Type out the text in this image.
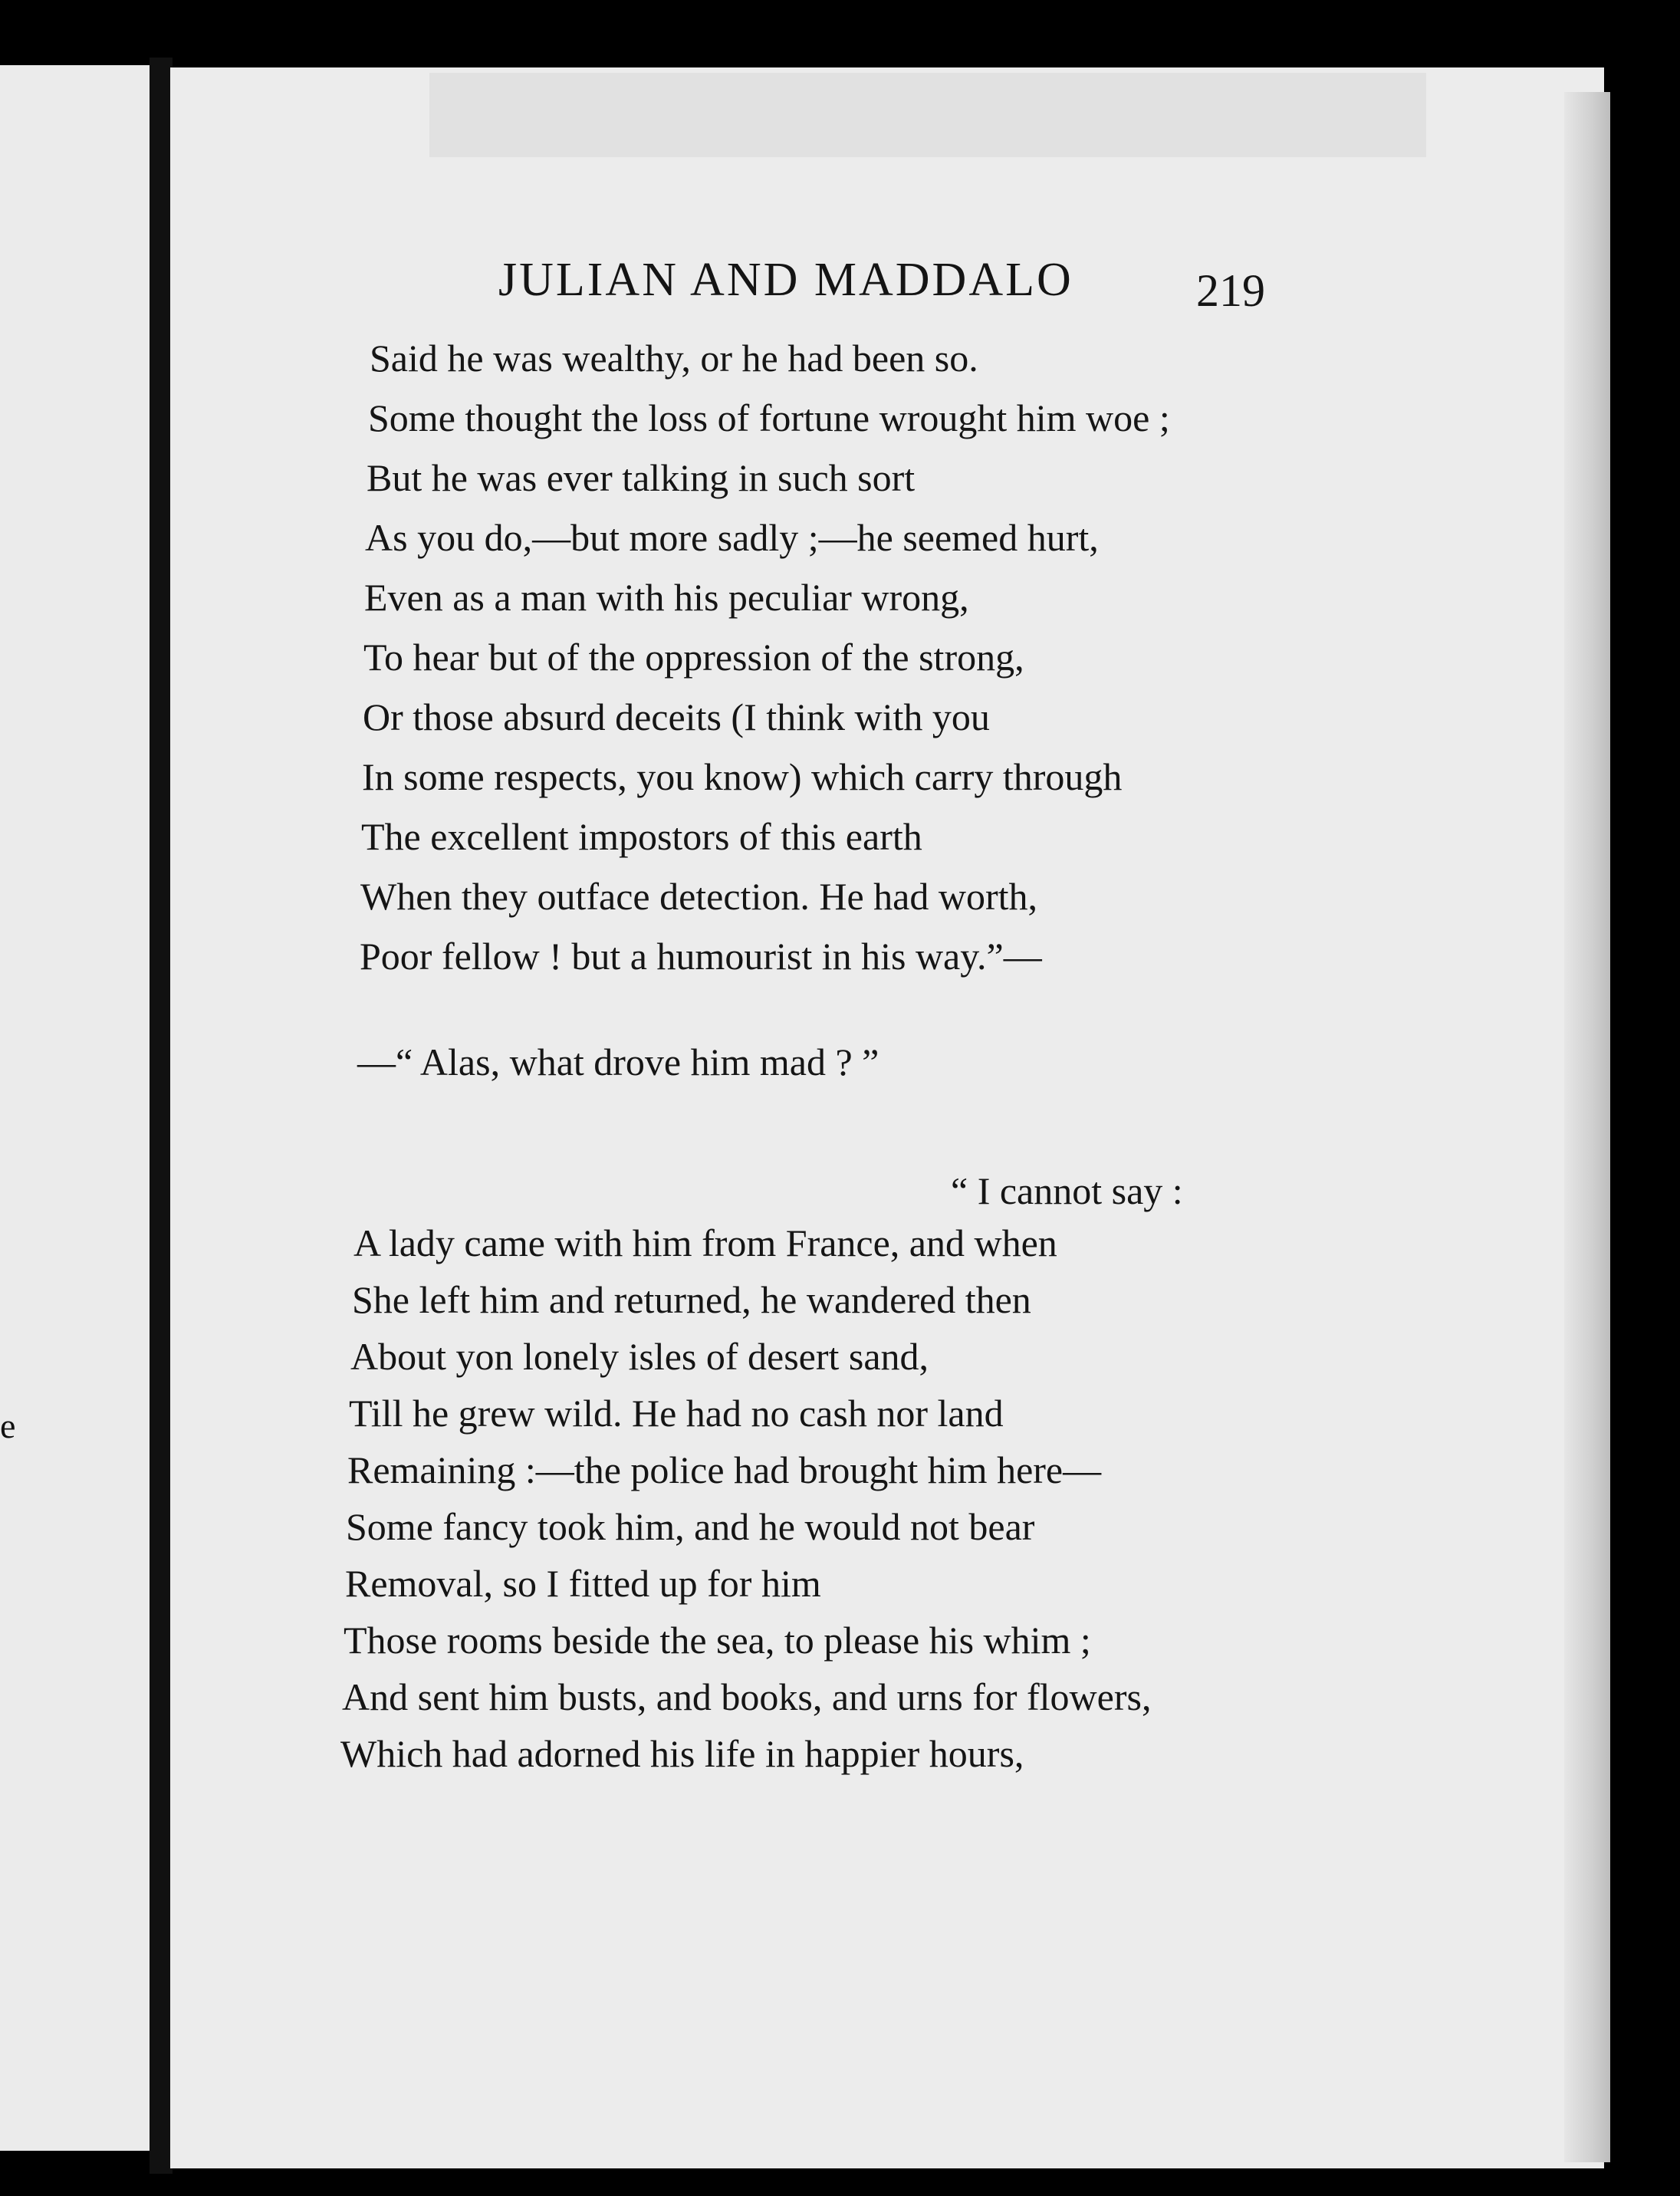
e
JULIAN AND MADDALO	219
Said he was wealthy, or he had been so.
Some thought the loss of fortune wrought him woe ;
But he was ever talking in such sort
As you do,—but more sadly ;—he seemed hurt,
Even as a man with his peculiar wrong,
To hear but of the oppression of the strong,
Or those absurd deceits (I think with you
In some respects, you know) which carry through
The excellent impostors of this earth
When they outface detection. He had worth,
Poor fellow ! but a humourist in his way.”—
—“ Alas, what drove him mad ? ”
“ I cannot say :
A lady came with him from France, and when
She left him and returned, he wandered then
About yon lonely isles of desert sand,
Till he grew wild. He had no cash nor land
Remaining :—the police had brought him here—
Some fancy took him, and he would not bear
Removal, so I fitted up for him
Those rooms beside the sea, to please his whim ;
And sent him busts, and books, and urns for flowers,
Which had adorned his life in happier hours,
